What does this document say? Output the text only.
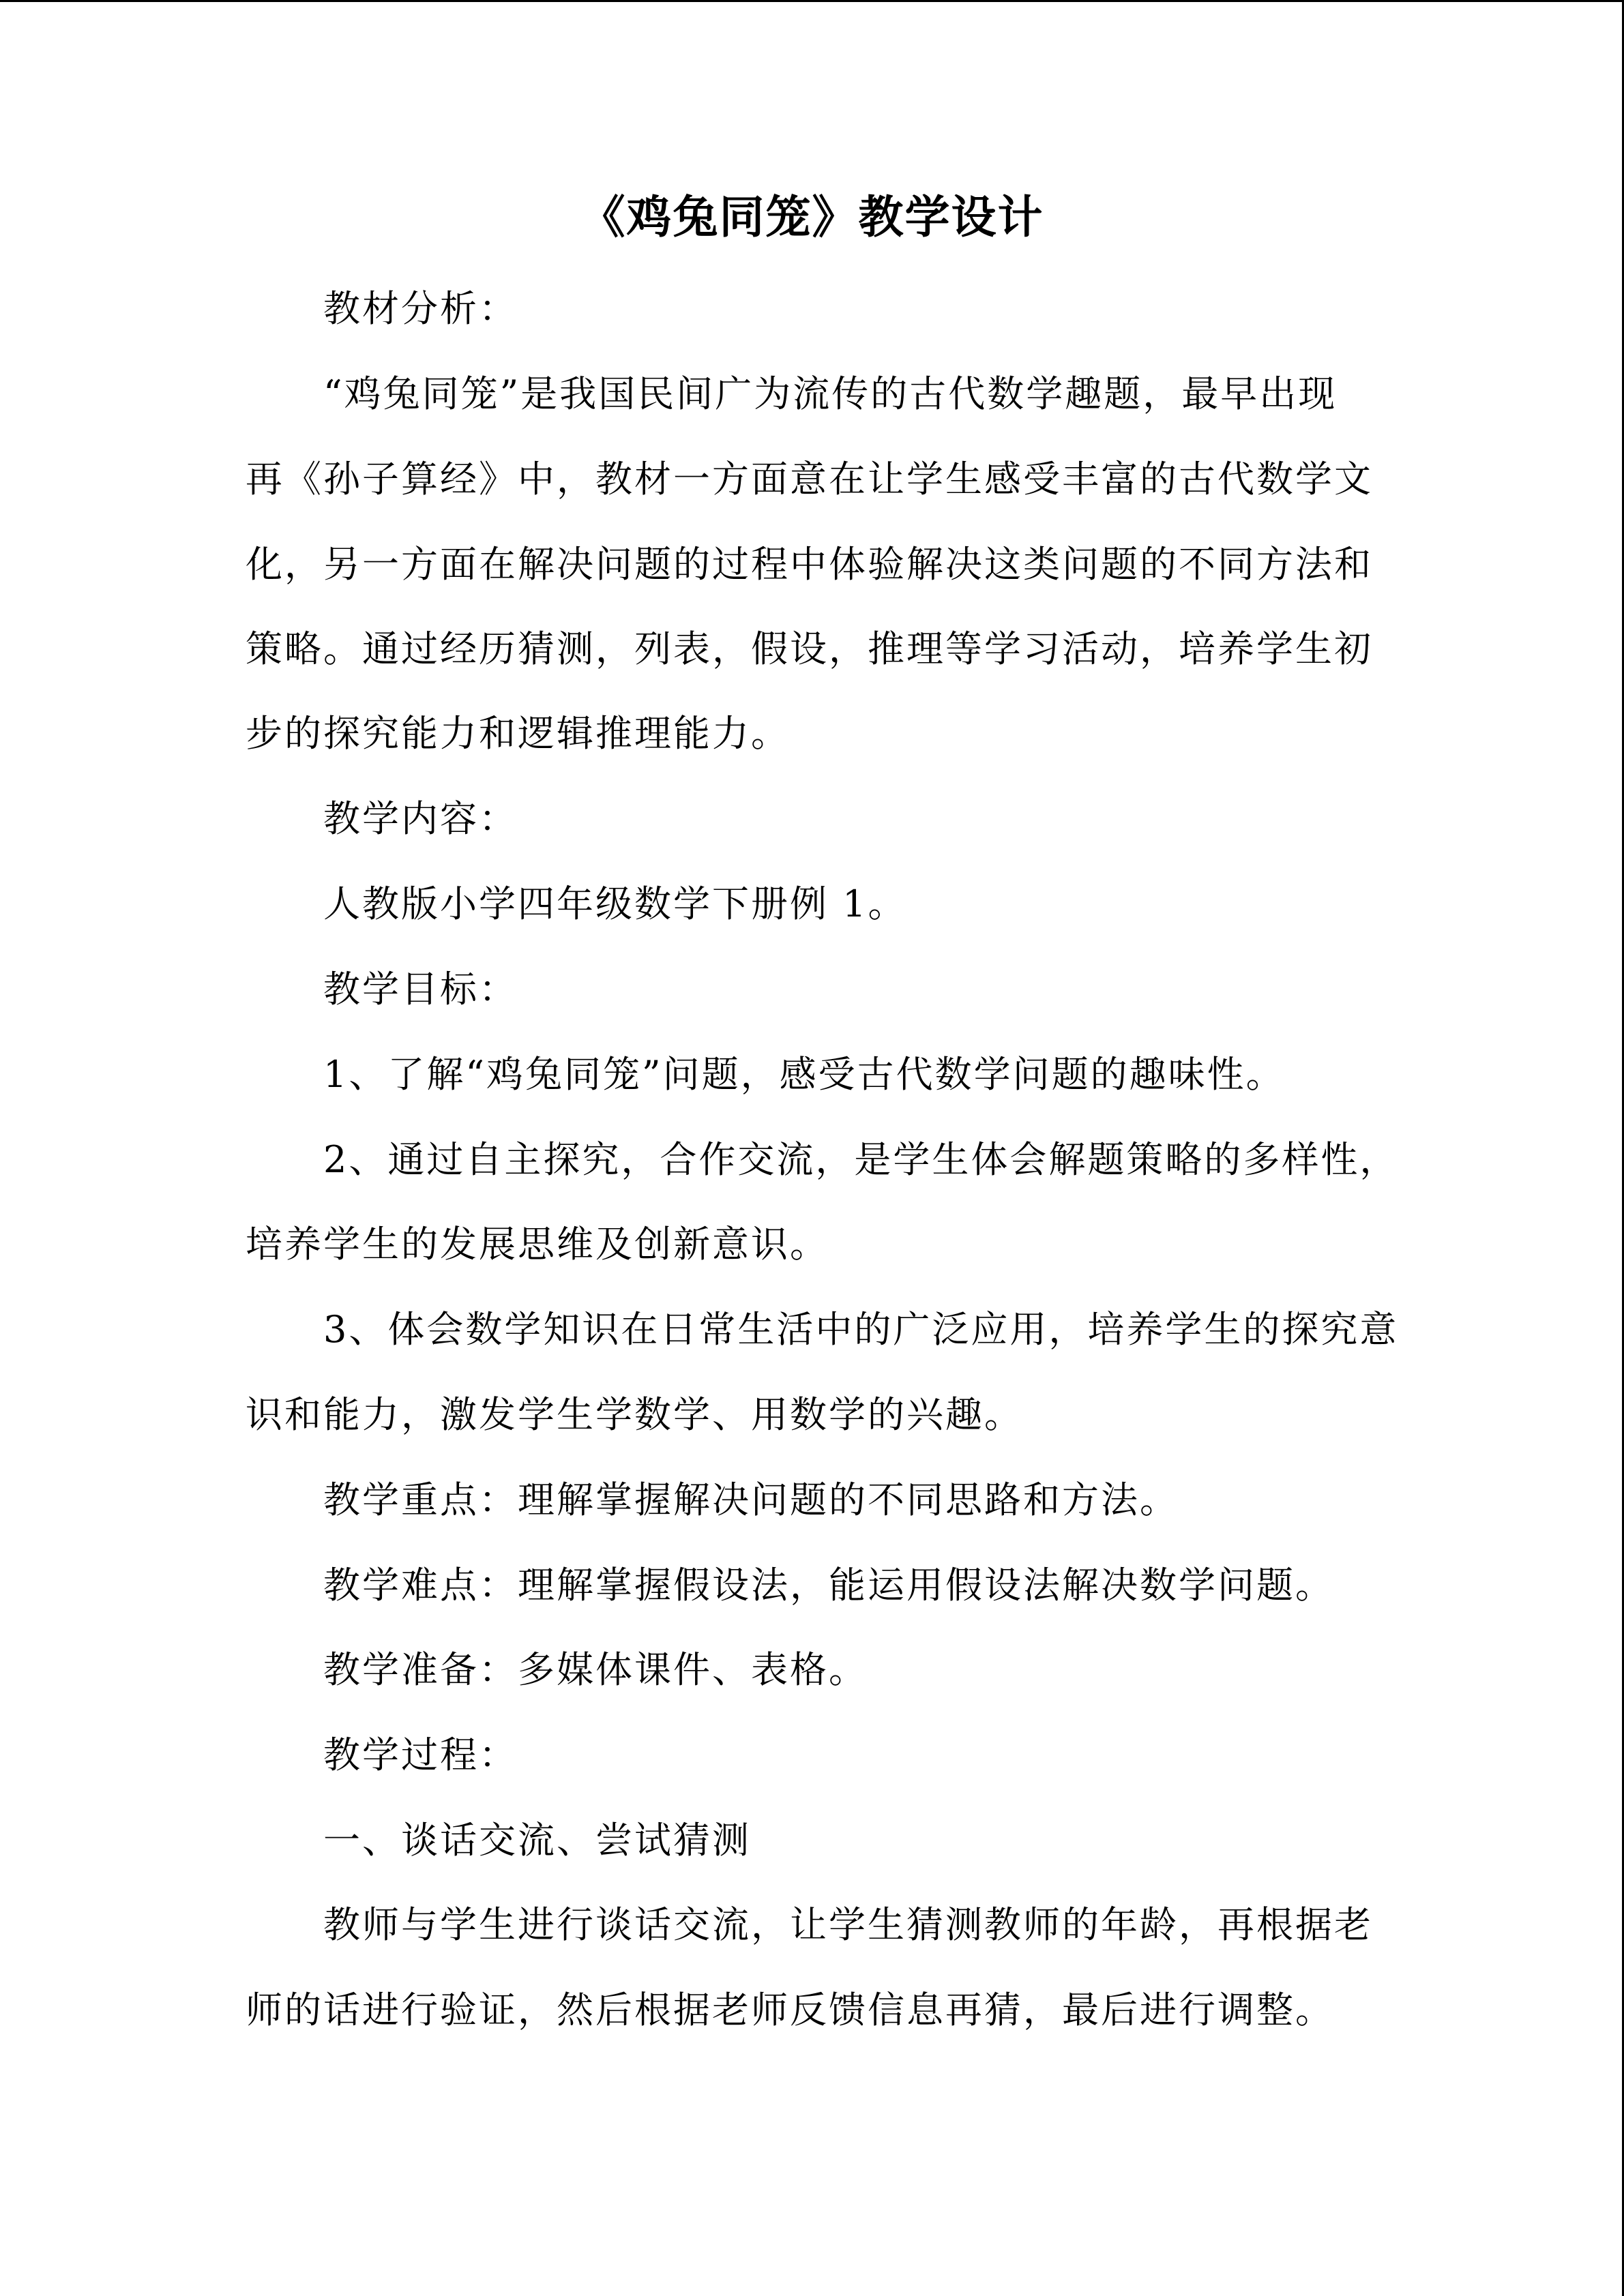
《鸡兔同笼》教学设计
教材分析：
“鸡兔同笼”是我国民间广为流传的古代数学趣题，最早出现
再《孙子算经》中，教材一方面意在让学生感受丰富的古代数学文
化，另一方面在解决问题的过程中体验解决这类问题的不同方法和
策略。通过经历猜测，列表，假设，推理等学习活动，培养学生初
步的探究能力和逻辑推理能力。
教学内容：
人教版小学四年级数学下册例 1。
教学目标：
1、了解“鸡兔同笼”问题，感受古代数学问题的趣味性。
2、通过自主探究，合作交流，是学生体会解题策略的多样性，
培养学生的发展思维及创新意识。
3、体会数学知识在日常生活中的广泛应用，培养学生的探究意
识和能力，激发学生学数学、用数学的兴趣。
教学重点：理解掌握解决问题的不同思路和方法。
教学难点：理解掌握假设法，能运用假设法解决数学问题。
教学准备：多媒体课件、表格。
教学过程：
一、谈话交流、尝试猜测
教师与学生进行谈话交流，让学生猜测教师的年龄，再根据老
师的话进行验证，然后根据老师反馈信息再猜，最后进行调整。
